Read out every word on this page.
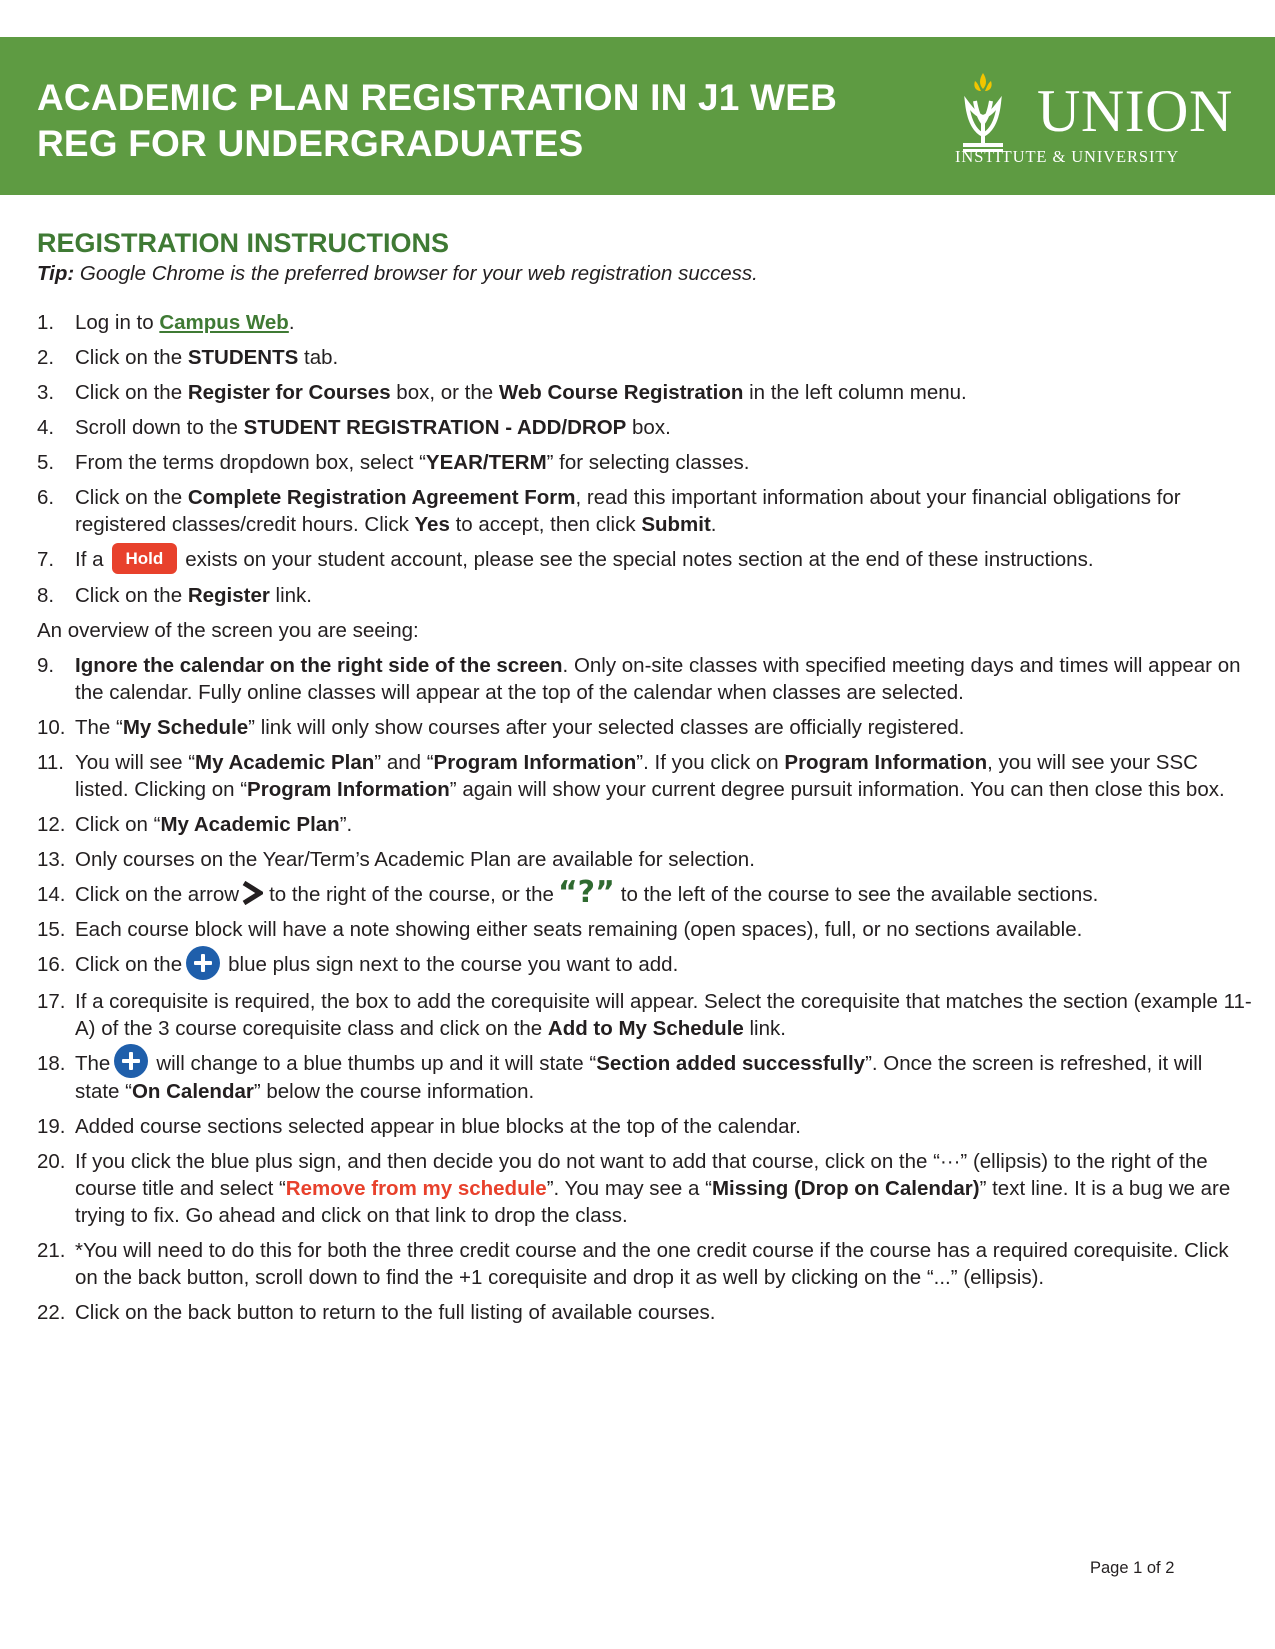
ACADEMIC PLAN REGISTRATION IN J1 WEB REG FOR UNDERGRADUATES	UNION
INSTITUTE & UNIVERSITY
REGISTRATION INSTRUCTIONS

Tip: Google Chrome is the preferred browser for your web registration success.

1. Log in to Campus Web.
2. Click on the STUDENTS tab.
3. Click on the Register for Courses box, or the Web Course Registration in the left column menu.
4. Scroll down to the STUDENT REGISTRATION - ADD/DROP box.
5. From the terms dropdown box, select “YEAR/TERM” for selecting classes.
6. Click on the Complete Registration Agreement Form, read this important information about your financial obligations for registered classes/credit hours. Click Yes to accept, then click Submit.
7. If a Hold exists on your student account, please see the special notes section at the end of these instructions.
8. Click on the Register link.
An overview of the screen you are seeing:
9. Ignore the calendar on the right side of the screen. Only on-site classes with specified meeting days and times will appear on the calendar. Fully online classes will appear at the top of the calendar when classes are selected.
10. The “My Schedule” link will only show courses after your selected classes are officially registered.
11. You will see “My Academic Plan” and “Program Information”. If you click on Program Information, you will see your SSC listed. Clicking on “Program Information” again will show your current degree pursuit information. You can then close this box.
12. Click on “My Academic Plan”.
13. Only courses on the Year/Term’s Academic Plan are available for selection.
14. Click on the arrow to the right of the course, or the “?” to the left of the course to see the available sections.
15. Each course block will have a note showing either seats remaining (open spaces), full, or no sections available.
16. Click on the blue plus sign next to the course you want to add.
17. If a corequisite is required, the box to add the corequisite will appear. Select the corequisite that matches the section (example 11-A) of the 3 course corequisite class and click on the Add to My Schedule link.
18. The will change to a blue thumbs up and it will state “Section added successfully”. Once the screen is refreshed, it will state “On Calendar” below the course information.
19. Added course sections selected appear in blue blocks at the top of the calendar.
20. If you click the blue plus sign, and then decide you do not want to add that course, click on the “···” (ellipsis) to the right of the course title and select “Remove from my schedule”. You may see a “Missing (Drop on Calendar)” text line. It is a bug we are trying to fix. Go ahead and click on that link to drop the class.
21. *You will need to do this for both the three credit course and the one credit course if the course has a required corequisite. Click on the back button, scroll down to find the +1 corequisite and drop it as well by clicking on the “...” (ellipsis).
22. Click on the back button to return to the full listing of available courses.
Page 1 of 2
